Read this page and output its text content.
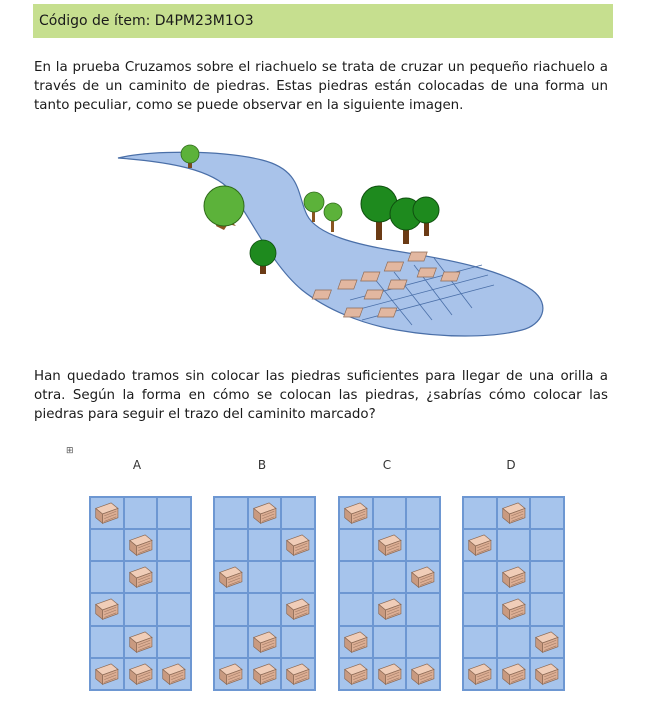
Código de ítem: D4PM23M1O3
En la prueba Cruzamos sobre el riachuelo se trata de cruzar un pequeño riachuelo a través de un caminito de piedras. Estas piedras están colocadas de una forma un tanto peculiar, como se puede observar en la siguiente imagen.
Han quedado tramos sin colocar las piedras suficientes para llegar de una orilla a otra. Según la forma en cómo se colocan las piedras, ¿sabrías cómo colocar las piedras para seguir el trazo del caminito marcado?
⊞
A	B	C	D
